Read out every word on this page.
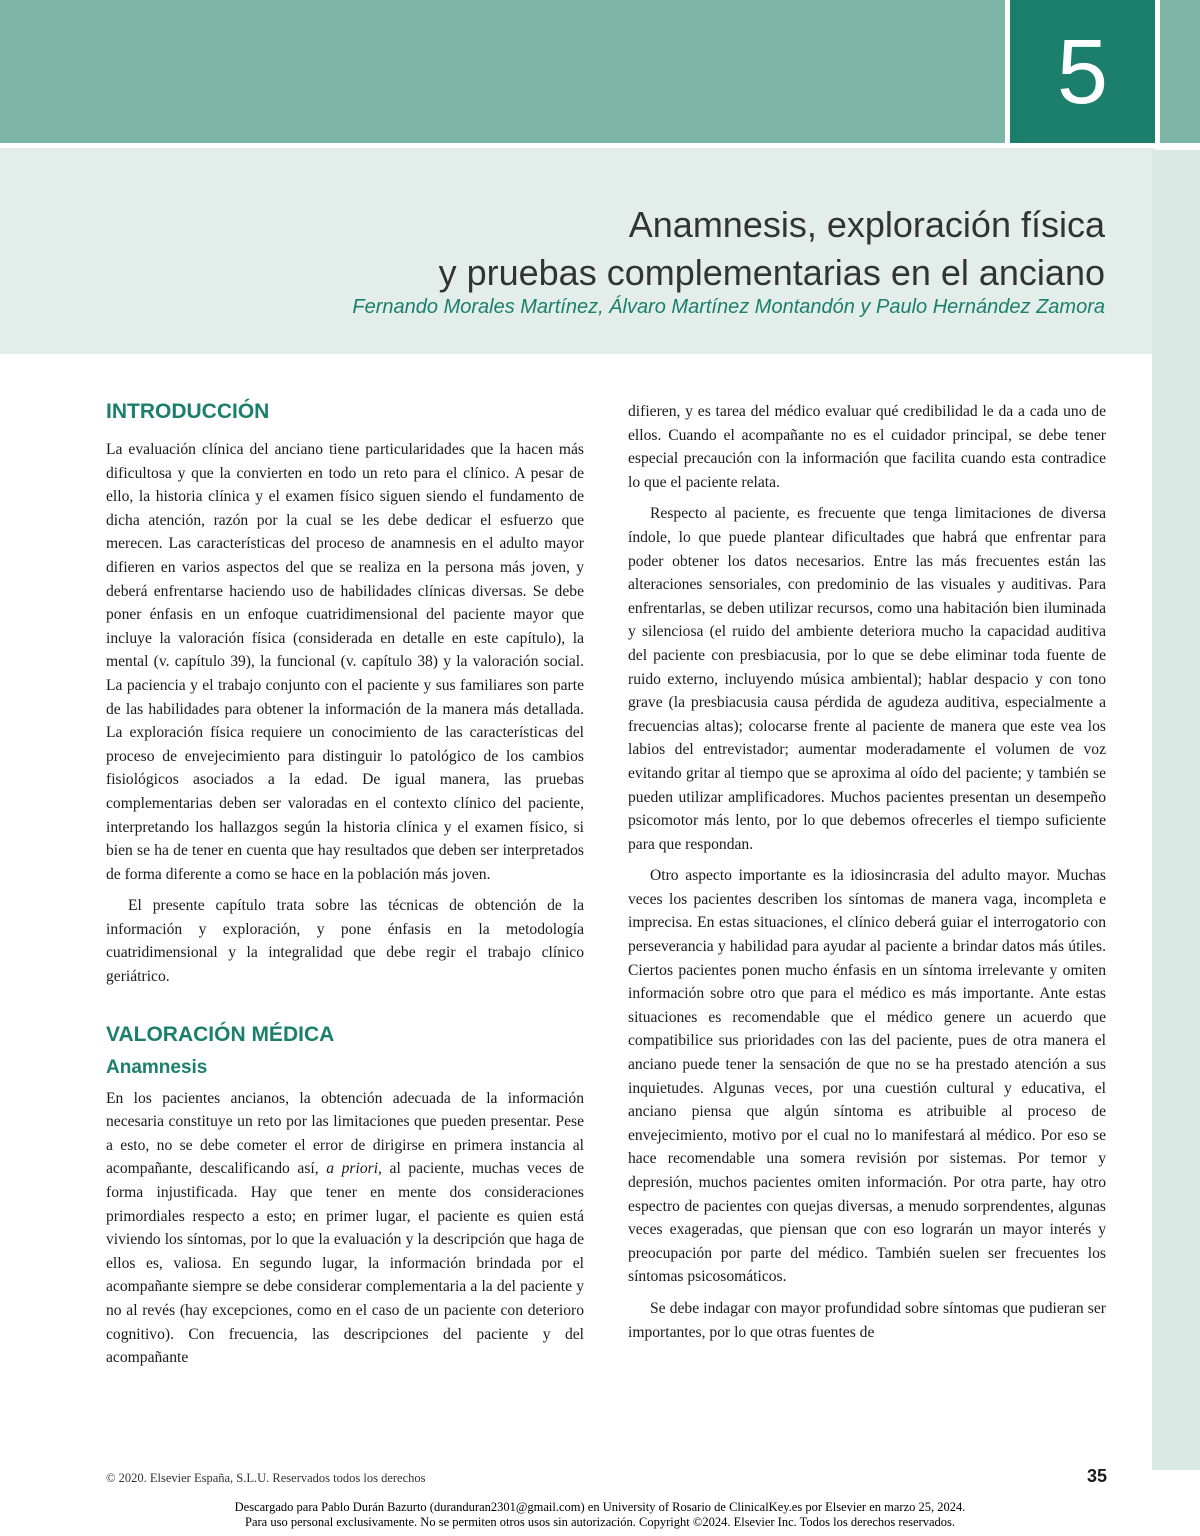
5
Anamnesis, exploración física
y pruebas complementarias en el anciano
Fernando Morales Martínez, Álvaro Martínez Montandón y Paulo Hernández Zamora
INTRODUCCIÓN

La evaluación clínica del anciano tiene particularidades que la hacen más dificultosa y que la convierten en todo un reto para el clínico. A pesar de ello, la historia clínica y el examen físico siguen siendo el fundamento de dicha atención, razón por la cual se les debe dedicar el esfuerzo que merecen. Las características del proceso de anamnesis en el adulto mayor difieren en varios aspectos del que se realiza en la persona más joven, y deberá enfrentarse haciendo uso de habilidades clínicas diversas. Se debe poner énfasis en un enfoque cuatridimensional del paciente mayor que incluye la valoración física (considerada en detalle en este capítulo), la mental (v. capítulo 39), la funcional (v. capítulo 38) y la valoración social. La paciencia y el trabajo conjunto con el paciente y sus familiares son parte de las habilidades para obtener la información de la manera más detallada. La exploración física requiere un conocimiento de las características del proceso de envejecimiento para distinguir lo patológico de los cambios fisiológicos asociados a la edad. De igual manera, las pruebas complementarias deben ser valoradas en el contexto clínico del paciente, interpretando los hallazgos según la historia clínica y el examen físico, si bien se ha de tener en cuenta que hay resultados que deben ser interpretados de forma diferente a como se hace en la población más joven.

El presente capítulo trata sobre las técnicas de obtención de la información y exploración, y pone énfasis en la metodología cuatridimensional y la integralidad que debe regir el trabajo clínico geriátrico.

VALORACIÓN MÉDICA
Anamnesis

En los pacientes ancianos, la obtención adecuada de la información necesaria constituye un reto por las limitaciones que pueden presentar. Pese a esto, no se debe cometer el error de dirigirse en primera instancia al acompañante, descalificando así, a priori, al paciente, muchas veces de forma injustificada. Hay que tener en mente dos consideraciones primordiales respecto a esto; en primer lugar, el paciente es quien está viviendo los síntomas, por lo que la evaluación y la descripción que haga de ellos es, valiosa. En segundo lugar, la información brindada por el acompañante siempre se debe considerar complementaria a la del paciente y no al revés (hay excepciones, como en el caso de un paciente con deterioro cognitivo). Con frecuencia, las descripciones del paciente y del acompañante

difieren, y es tarea del médico evaluar qué credibilidad le da a cada uno de ellos. Cuando el acompañante no es el cuidador principal, se debe tener especial precaución con la información que facilita cuando esta contradice lo que el paciente relata.

Respecto al paciente, es frecuente que tenga limitaciones de diversa índole, lo que puede plantear dificultades que habrá que enfrentar para poder obtener los datos necesarios. Entre las más frecuentes están las alteraciones sensoriales, con predominio de las visuales y auditivas. Para enfrentarlas, se deben utilizar recursos, como una habitación bien iluminada y silenciosa (el ruido del ambiente deteriora mucho la capacidad auditiva del paciente con presbiacusia, por lo que se debe eliminar toda fuente de ruido externo, incluyendo música ambiental); hablar despacio y con tono grave (la presbiacusia causa pérdida de agudeza auditiva, especialmente a frecuencias altas); colocarse frente al paciente de manera que este vea los labios del entrevistador; aumentar moderadamente el volumen de voz evitando gritar al tiempo que se aproxima al oído del paciente; y también se pueden utilizar amplificadores. Muchos pacientes presentan un desempeño psicomotor más lento, por lo que debemos ofrecerles el tiempo suficiente para que respondan.

Otro aspecto importante es la idiosincrasia del adulto mayor. Muchas veces los pacientes describen los síntomas de manera vaga, incompleta e imprecisa. En estas situaciones, el clínico deberá guiar el interrogatorio con perseverancia y habilidad para ayudar al paciente a brindar datos más útiles. Ciertos pacientes ponen mucho énfasis en un síntoma irrelevante y omiten información sobre otro que para el médico es más importante. Ante estas situaciones es recomendable que el médico genere un acuerdo que compatibilice sus prioridades con las del paciente, pues de otra manera el anciano puede tener la sensación de que no se ha prestado atención a sus inquietudes. Algunas veces, por una cuestión cultural y educativa, el anciano piensa que algún síntoma es atribuible al proceso de envejecimiento, motivo por el cual no lo manifestará al médico. Por eso se hace recomendable una somera revisión por sistemas. Por temor y depresión, muchos pacientes omiten información. Por otra parte, hay otro espectro de pacientes con quejas diversas, a menudo sorprendentes, algunas veces exageradas, que piensan que con eso lograrán un mayor interés y preocupación por parte del médico. También suelen ser frecuentes los síntomas psicosomáticos.

Se debe indagar con mayor profundidad sobre síntomas que pudieran ser importantes, por lo que otras fuentes de

© 2020. Elsevier España, S.L.U. Reservados todos los derechos	35
Descargado para Pablo Durán Bazurto (duranduran2301@gmail.com) en University of Rosario de ClinicalKey.es por Elsevier en marzo 25, 2024.
Para uso personal exclusivamente. No se permiten otros usos sin autorización. Copyright ©2024. Elsevier Inc. Todos los derechos reservados.
